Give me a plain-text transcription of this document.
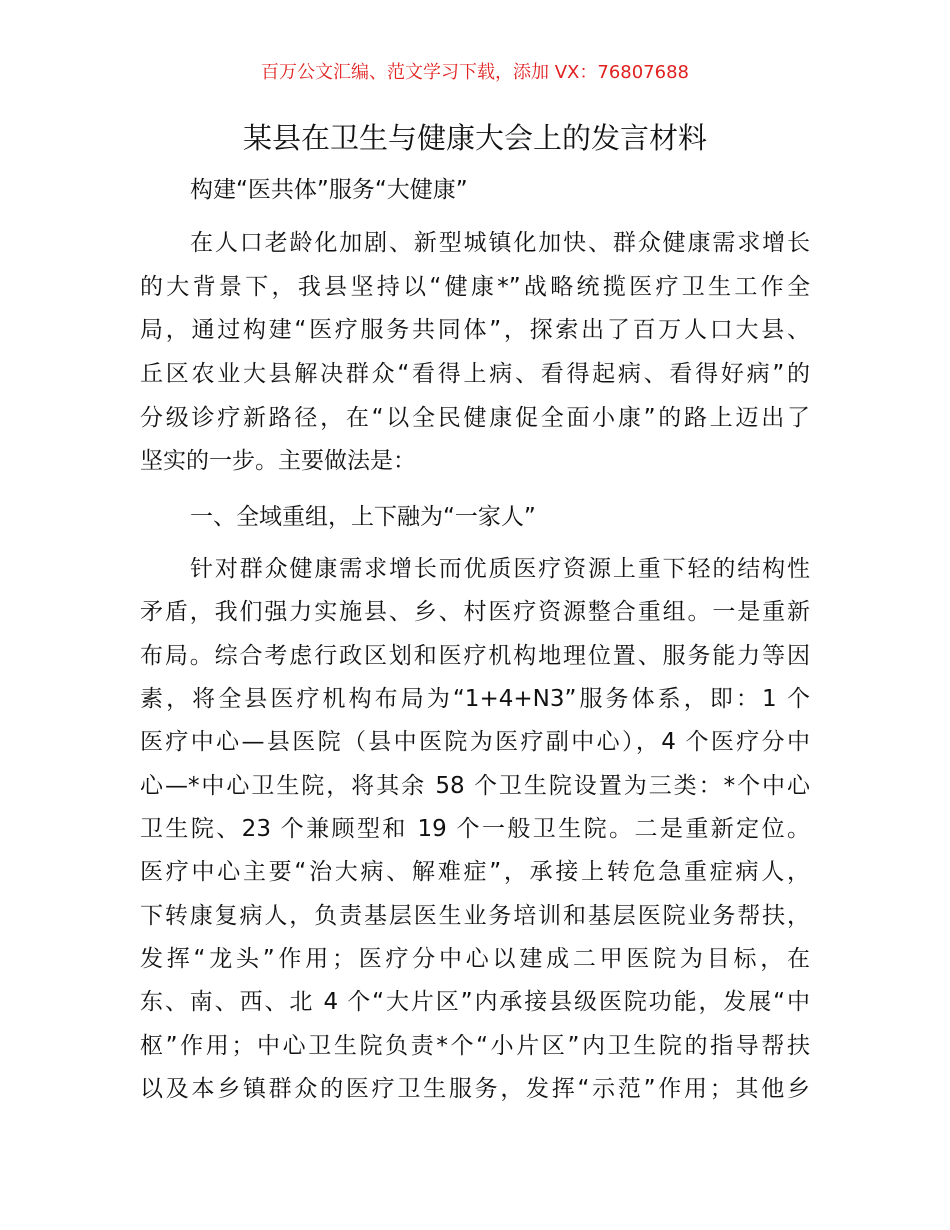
百万公文汇编、范文学习下载，添加 VX：76807688
某县在卫生与健康大会上的发言材料
构建“医共体”服务“大健康”
在人口老龄化加剧、新型城镇化加快、群众健康需求增长
的大背景下，我县坚持以“健康*”战略统揽医疗卫生工作全
局，通过构建“医疗服务共同体”，探索出了百万人口大县、
丘区农业大县解决群众“看得上病、看得起病、看得好病”的
分级诊疗新路径，在“以全民健康促全面小康”的路上迈出了
坚实的一步。主要做法是：
一、全域重组，上下融为“一家人”
针对群众健康需求增长而优质医疗资源上重下轻的结构性
矛盾，我们强力实施县、乡、村医疗资源整合重组。一是重新
布局。综合考虑行政区划和医疗机构地理位置、服务能力等因
素，将全县医疗机构布局为“1+4+N3”服务体系，即：1 个
医疗中心—县医院（县中医院为医疗副中心），4 个医疗分中
心—*中心卫生院，将其余 58 个卫生院设置为三类：*个中心
卫生院、23 个兼顾型和 19 个一般卫生院。二是重新定位。
医疗中心主要“治大病、解难症”，承接上转危急重症病人，
下转康复病人，负责基层医生业务培训和基层医院业务帮扶，
发挥“龙头”作用；医疗分中心以建成二甲医院为目标，在
东、南、西、北 4 个“大片区”内承接县级医院功能，发展“中
枢”作用；中心卫生院负责*个“小片区”内卫生院的指导帮扶
以及本乡镇群众的医疗卫生服务，发挥“示范”作用；其他乡
